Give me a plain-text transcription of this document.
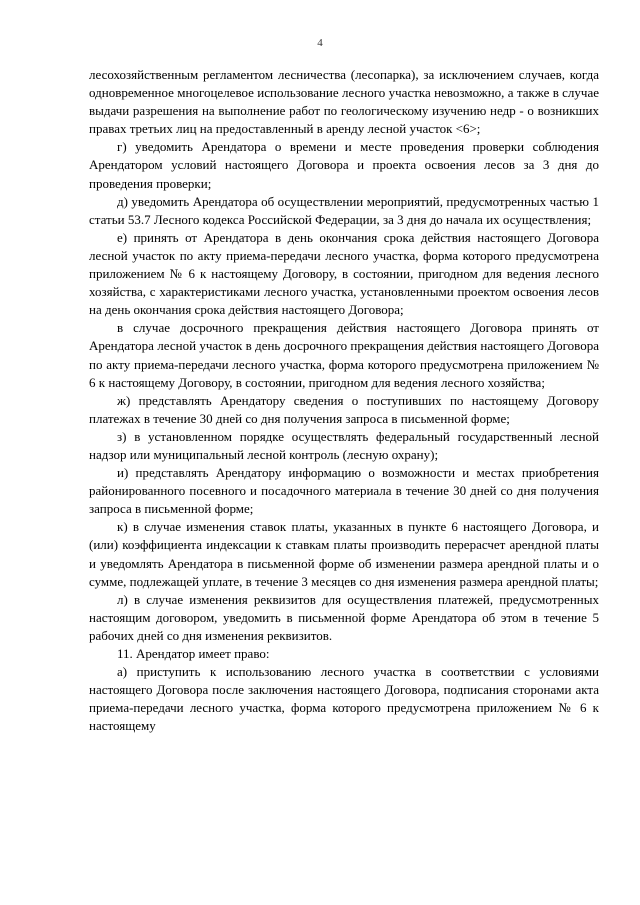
4

лесохозяйственным регламентом лесничества (лесопарка), за исключением случаев, когда одновременное многоцелевое использование лесного участка невозможно, а также в случае выдачи разрешения на выполнение работ по геологическому изучению недр - о возникших правах третьих лиц на предоставленный в аренду лесной участок <6>;

г) уведомить Арендатора о времени и месте проведения проверки соблюдения Арендатором условий настоящего Договора и проекта освоения лесов за 3 дня до проведения проверки;

д) уведомить Арендатора об осуществлении мероприятий, предусмотренных частью 1 статьи 53.7 Лесного кодекса Российской Федерации, за 3 дня до начала их осуществления;

е) принять от Арендатора в день окончания срока действия настоящего Договора лесной участок по акту приема-передачи лесного участка, форма которого предусмотрена приложением № 6 к настоящему Договору, в состоянии, пригодном для ведения лесного хозяйства, с характеристиками лесного участка, установленными проектом освоения лесов на день окончания срока действия настоящего Договора;

в случае досрочного прекращения действия настоящего Договора принять от Арендатора лесной участок в день досрочного прекращения действия настоящего Договора по акту приема-передачи лесного участка, форма которого предусмотрена приложением № 6 к настоящему Договору, в состоянии, пригодном для ведения лесного хозяйства;

ж) представлять Арендатору сведения о поступивших по настоящему Договору платежах в течение 30 дней со дня получения запроса в письменной форме;

з) в установленном порядке осуществлять федеральный государственный лесной надзор или муниципальный лесной контроль (лесную охрану);

и) представлять Арендатору информацию о возможности и местах приобретения районированного посевного и посадочного материала в течение 30 дней со дня получения запроса в письменной форме;

к) в случае изменения ставок платы, указанных в пункте 6 настоящего Договора, и (или) коэффициента индексации к ставкам платы производить перерасчет арендной платы и уведомлять Арендатора в письменной форме об изменении размера арендной платы и о сумме, подлежащей уплате, в течение 3 месяцев со дня изменения размера арендной платы;

л) в случае изменения реквизитов для осуществления платежей, предусмотренных настоящим договором, уведомить в письменной форме Арендатора об этом в течение 5 рабочих дней со дня изменения реквизитов.

11. Арендатор имеет право:

а) приступить к использованию лесного участка в соответствии с условиями настоящего Договора после заключения настоящего Договора, подписания сторонами акта приема-передачи лесного участка, форма которого предусмотрена приложением № 6 к настоящему
